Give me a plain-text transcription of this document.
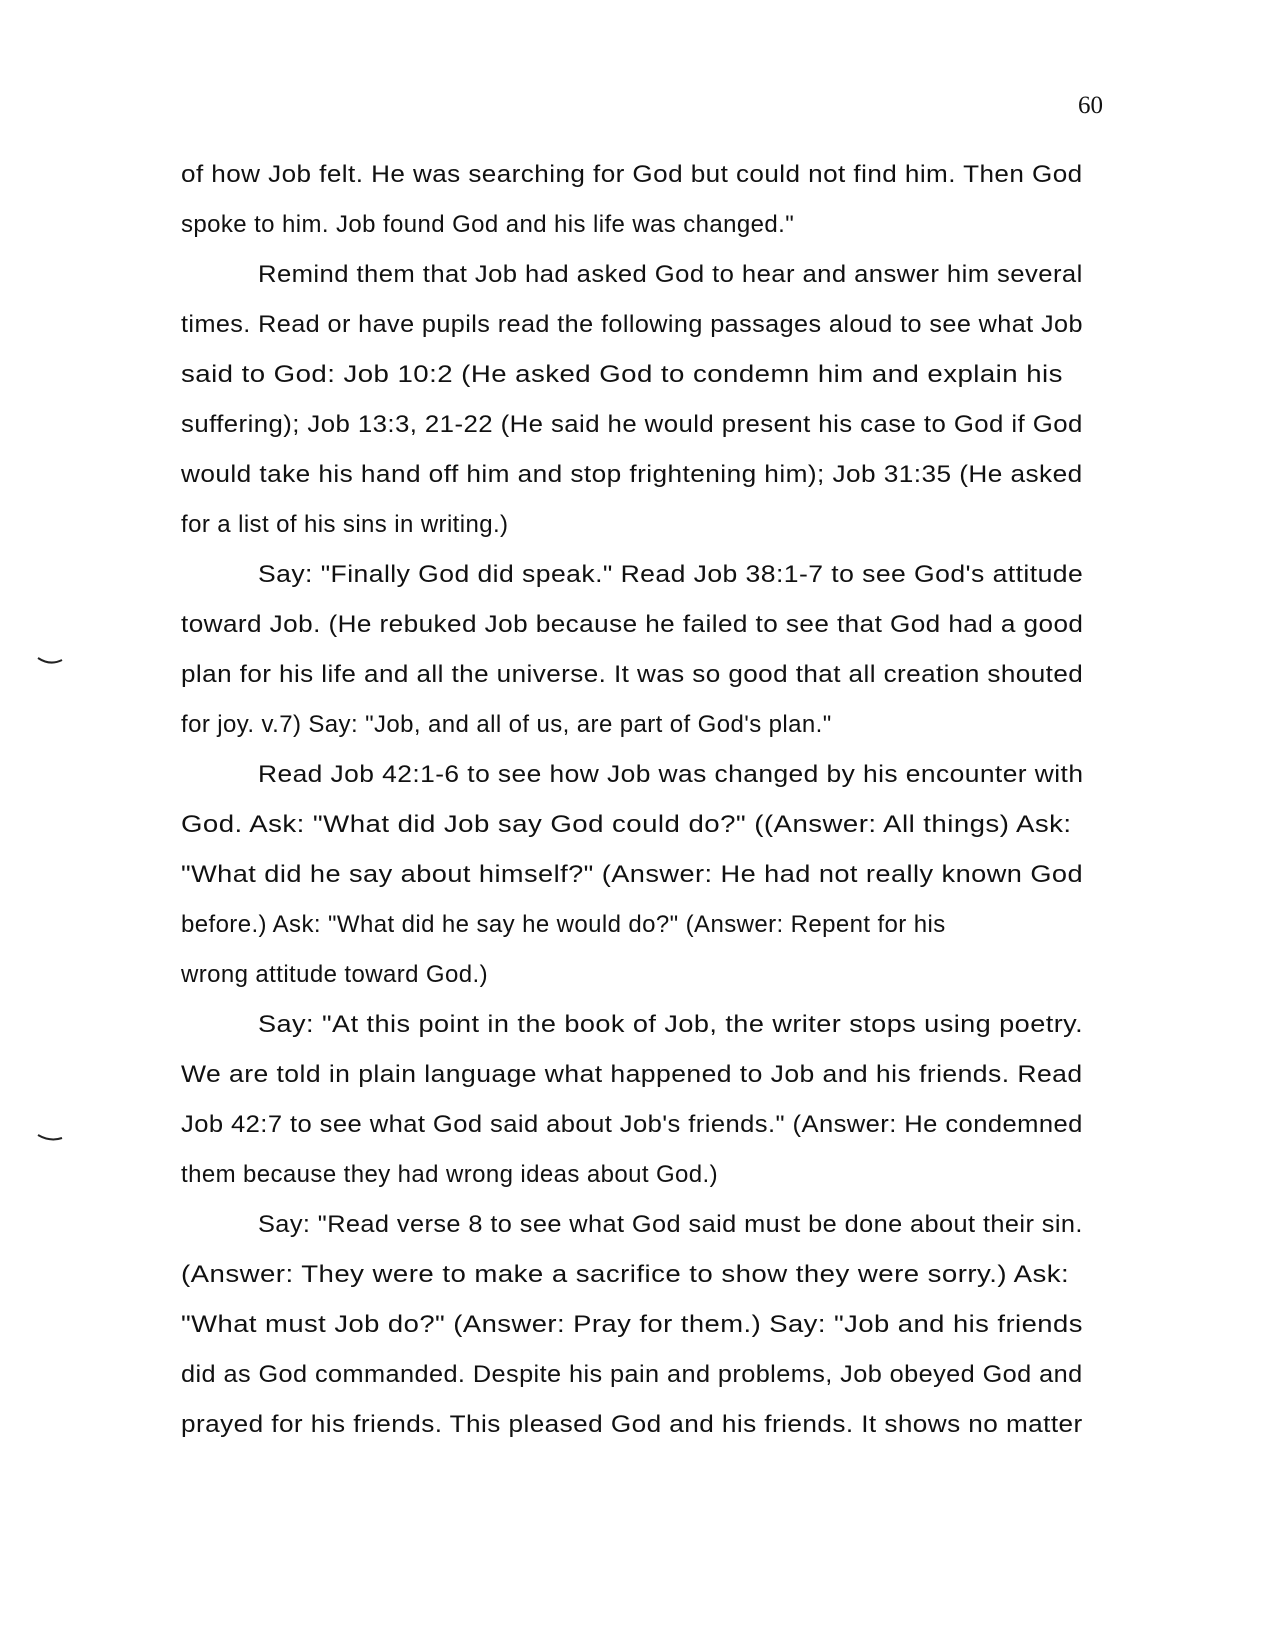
60
of how Job felt. He was searching for God but could not find him. Then God
spoke to him. Job found God and his life was changed."
Remind them that Job had asked God to hear and answer him several
times. Read or have pupils read the following passages aloud to see what Job
said to God: Job 10:2 (He asked God to condemn him and explain his
suffering); Job 13:3, 21-22 (He said he would present his case to God if God
would take his hand off him and stop frightening him); Job 31:35 (He asked
for a list of his sins in writing.)
Say: "Finally God did speak." Read Job 38:1-7 to see God's attitude
toward Job. (He rebuked Job because he failed to see that God had a good
plan for his life and all the universe. It was so good that all creation shouted
for joy. v.7) Say: "Job, and all of us, are part of God's plan."
Read Job 42:1-6 to see how Job was changed by his encounter with
God. Ask: "What did Job say God could do?" ((Answer: All things) Ask:
"What did he say about himself?" (Answer: He had not really known God
before.) Ask: "What did he say he would do?" (Answer: Repent for his
wrong attitude toward God.)
Say: "At this point in the book of Job, the writer stops using poetry.
We are told in plain language what happened to Job and his friends. Read
Job 42:7 to see what God said about Job's friends." (Answer: He condemned
them because they had wrong ideas about God.)
Say: "Read verse 8 to see what God said must be done about their sin.
(Answer: They were to make a sacrifice to show they were sorry.) Ask:
"What must Job do?" (Answer: Pray for them.) Say: "Job and his friends
did as God commanded. Despite his pain and problems, Job obeyed God and
prayed for his friends. This pleased God and his friends. It shows no matter
